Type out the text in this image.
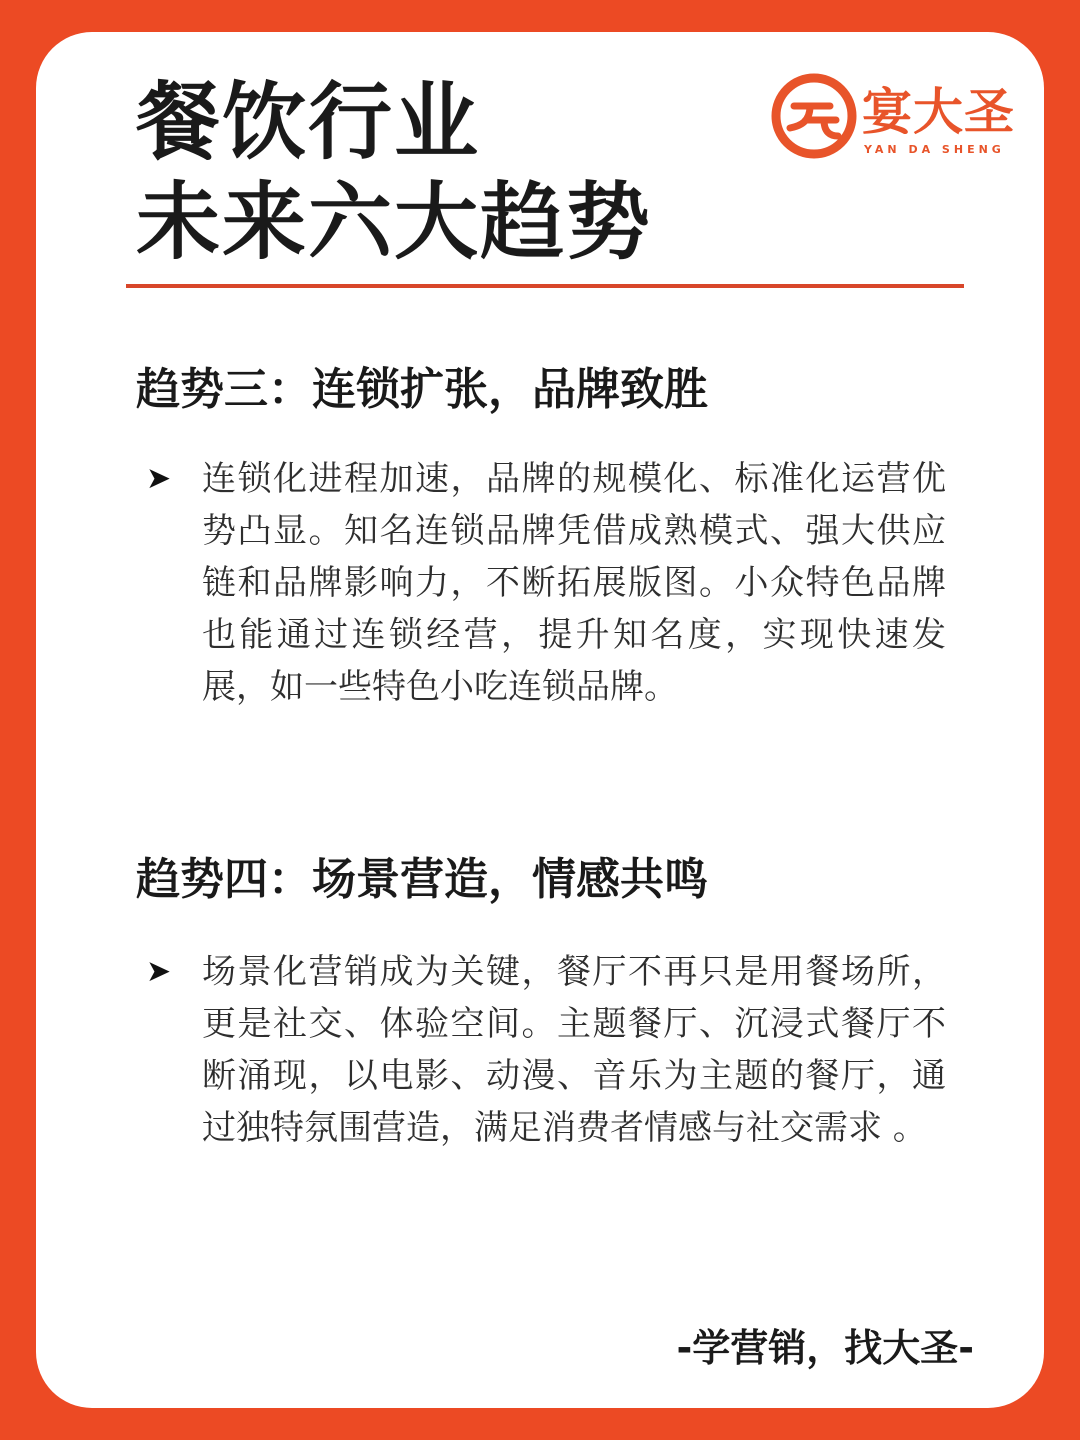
餐饮行业
未来六大趋势
宴大圣
YAN DA SHENG
趋势三：连锁扩张，品牌致胜
➤ 连锁化进程加速，品牌的规模化、标准化运营优势凸显。知名连锁品牌凭借成熟模式、强大供应链和品牌影响力，不断拓展版图。小众特色品牌也能通过连锁经营，提升知名度，实现快速发展，如一些特色小吃连锁品牌。

趋势四：场景营造，情感共鸣
➤ 场景化营销成为关键，餐厅不再只是用餐场所，更是社交、体验空间。主题餐厅、沉浸式餐厅不断涌现，以电影、动漫、音乐为主题的餐厅，通过独特氛围营造，满足消费者情感与社交需求 。

-学营销，找大圣-
